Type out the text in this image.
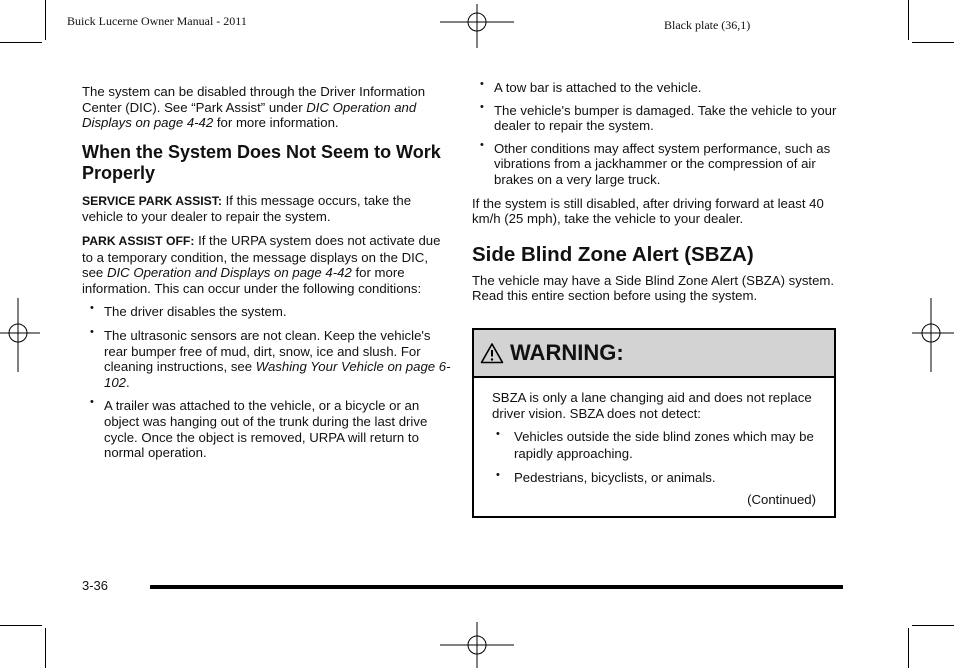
Buick Lucerne Owner Manual - 2011	Black plate (36,1)

The system can be disabled through the Driver Information Center (DIC). See “Park Assist” under DIC Operation and Displays on page 4-42 for more information.

When the System Does Not Seem to Work Properly

SERVICE PARK ASSIST: If this message occurs, take the vehicle to your dealer to repair the system.

PARK ASSIST OFF: If the URPA system does not activate due to a temporary condition, the message displays on the DIC, see DIC Operation and Displays on page 4-42 for more information. This can occur under the following conditions:

• The driver disables the system.
• The ultrasonic sensors are not clean. Keep the vehicle's rear bumper free of mud, dirt, snow, ice and slush. For cleaning instructions, see Washing Your Vehicle on page 6-102.
• A trailer was attached to the vehicle, or a bicycle or an object was hanging out of the trunk during the last drive cycle. Once the object is removed, URPA will return to normal operation.
• A tow bar is attached to the vehicle.
• The vehicle's bumper is damaged. Take the vehicle to your dealer to repair the system.
• Other conditions may affect system performance, such as vibrations from a jackhammer or the compression of air brakes on a very large truck.

If the system is still disabled, after driving forward at least 40 km/h (25 mph), take the vehicle to your dealer.

Side Blind Zone Alert (SBZA)

The vehicle may have a Side Blind Zone Alert (SBZA) system. Read this entire section before using the system.

WARNING:

SBZA is only a lane changing aid and does not replace driver vision. SBZA does not detect:

• Vehicles outside the side blind zones which may be rapidly approaching.
• Pedestrians, bicyclists, or animals.

(Continued)

3-36
